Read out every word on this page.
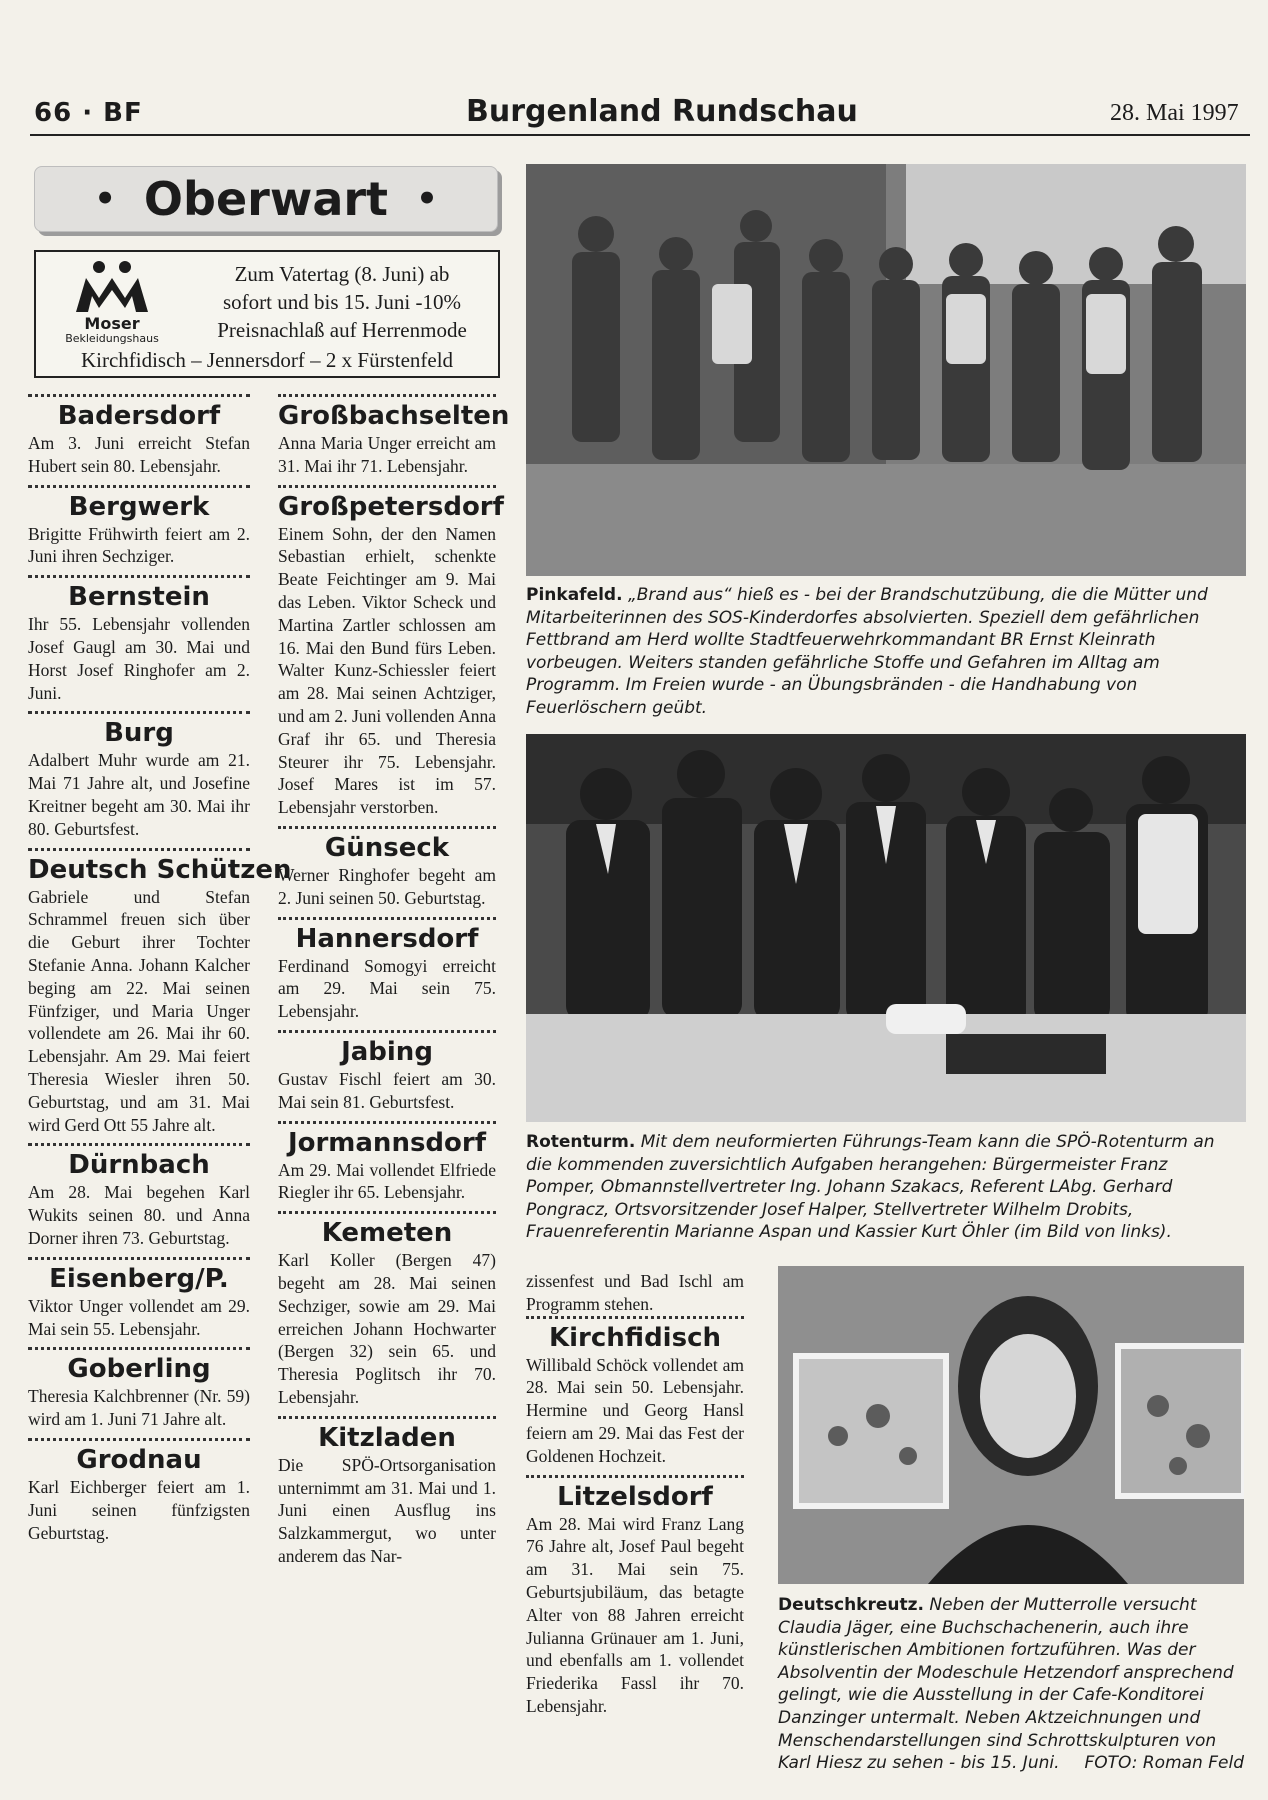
66 · BF	Burgenland Rundschau	28. Mai 1997
• Oberwart •
Moser
Bekleidungshaus
Zum Vatertag (8. Juni) ab
sofort und bis 15. Juni -10%
Preisnachlaß auf Herrenmode
Kirchfidisch – Jennersdorf – 2 x Fürstenfeld
Badersdorf

Am 3. Juni erreicht Stefan Hubert sein 80. Lebensjahr.

Bergwerk

Brigitte Frühwirth feiert am 2. Juni ihren Sechziger.

Bernstein

Ihr 55. Lebensjahr vollenden Josef Gaugl am 30. Mai und Horst Josef Ringhofer am 2. Juni.

Burg

Adalbert Muhr wurde am 21. Mai 71 Jahre alt, und Josefine Kreitner begeht am 30. Mai ihr 80. Geburtsfest.

Deutsch Schützen

Gabriele und Stefan Schrammel freuen sich über die Geburt ihrer Tochter Stefanie Anna. Johann Kalcher beging am 22. Mai seinen Fünfziger, und Maria Unger vollendete am 26. Mai ihr 60. Lebensjahr. Am 29. Mai feiert Theresia Wiesler ihren 50. Geburtstag, und am 31. Mai wird Gerd Ott 55 Jahre alt.

Dürnbach

Am 28. Mai begehen Karl Wukits seinen 80. und Anna Dorner ihren 73. Geburtstag.

Eisenberg/P.

Viktor Unger vollendet am 29. Mai sein 55. Lebensjahr.

Goberling

Theresia Kalchbrenner (Nr. 59) wird am 1. Juni 71 Jahre alt.

Grodnau

Karl Eichberger feiert am 1. Juni seinen fünfzigsten Geburtstag.

Großbachselten

Anna Maria Unger erreicht am 31. Mai ihr 71. Lebensjahr.

Großpetersdorf

Einem Sohn, der den Namen Sebastian erhielt, schenkte Beate Feichtinger am 9. Mai das Leben. Viktor Scheck und Martina Zartler schlossen am 16. Mai den Bund fürs Leben. Walter Kunz-Schiessler feiert am 28. Mai seinen Achtziger, und am 2. Juni vollenden Anna Graf ihr 65. und Theresia Steurer ihr 75. Lebensjahr. Josef Mares ist im 57. Lebensjahr verstorben.

Günseck

Werner Ringhofer begeht am 2. Juni seinen 50. Geburtstag.

Hannersdorf

Ferdinand Somogyi erreicht am 29. Mai sein 75. Lebensjahr.

Jabing

Gustav Fischl feiert am 30. Mai sein 81. Geburtsfest.

Jormannsdorf

Am 29. Mai vollendet Elfriede Riegler ihr 65. Lebensjahr.

Kemeten

Karl Koller (Bergen 47) begeht am 28. Mai seinen Sechziger, sowie am 29. Mai erreichen Johann Hochwarter (Bergen 32) sein 65. und Theresia Poglitsch ihr 70. Lebensjahr.

Kitzladen

Die SPÖ-Ortsorganisation unternimmt am 31. Mai und 1. Juni einen Ausflug ins Salzkammergut, wo unter anderem das Nar-

zissenfest und Bad Ischl am Programm stehen.

Kirchfidisch

Willibald Schöck vollendet am 28. Mai sein 50. Lebensjahr. Hermine und Georg Hansl feiern am 29. Mai das Fest der Goldenen Hochzeit.

Litzelsdorf

Am 28. Mai wird Franz Lang 76 Jahre alt, Josef Paul begeht am 31. Mai sein 75. Geburtsjubiläum, das betagte Alter von 88 Jahren erreicht Julianna Grünauer am 1. Juni, und ebenfalls am 1. vollendet Friederika Fassl ihr 70. Lebensjahr.

Pinkafeld. „Brand aus“ hieß es - bei der Brandschutzübung, die die Mütter und Mitarbeiterinnen des SOS-Kinderdorfes absolvierten. Speziell dem gefährlichen Fettbrand am Herd wollte Stadtfeuerwehrkommandant BR Ernst Kleinrath vorbeugen. Weiters standen gefährliche Stoffe und Gefahren im Alltag am Programm. Im Freien wurde - an Übungsbränden - die Handhabung von Feuerlöschern geübt.
Rotenturm. Mit dem neuformierten Führungs-Team kann die SPÖ-Rotenturm an die kommenden zuversichtlich Aufgaben herangehen: Bürgermeister Franz Pomper, Obmannstellvertreter Ing. Johann Szakacs, Referent LAbg. Gerhard Pongracz, Ortsvorsitzender Josef Halper, Stellvertreter Wilhelm Drobits, Frauenreferentin Marianne Aspan und Kassier Kurt Öhler (im Bild von links).
Deutschkreutz. Neben der Mutterrolle versucht Claudia Jäger, eine Buchschachenerin, auch ihre künstlerischen Ambitionen fortzuführen. Was der Absolventin der Modeschule Hetzendorf ansprechend gelingt, wie die Ausstellung in der Cafe-Konditorei Danzinger untermalt. Neben Aktzeichnungen und Menschendarstellungen sind Schrottskulpturen von Karl Hiesz zu sehen - bis 15. Juni. FOTO: Roman Feld
